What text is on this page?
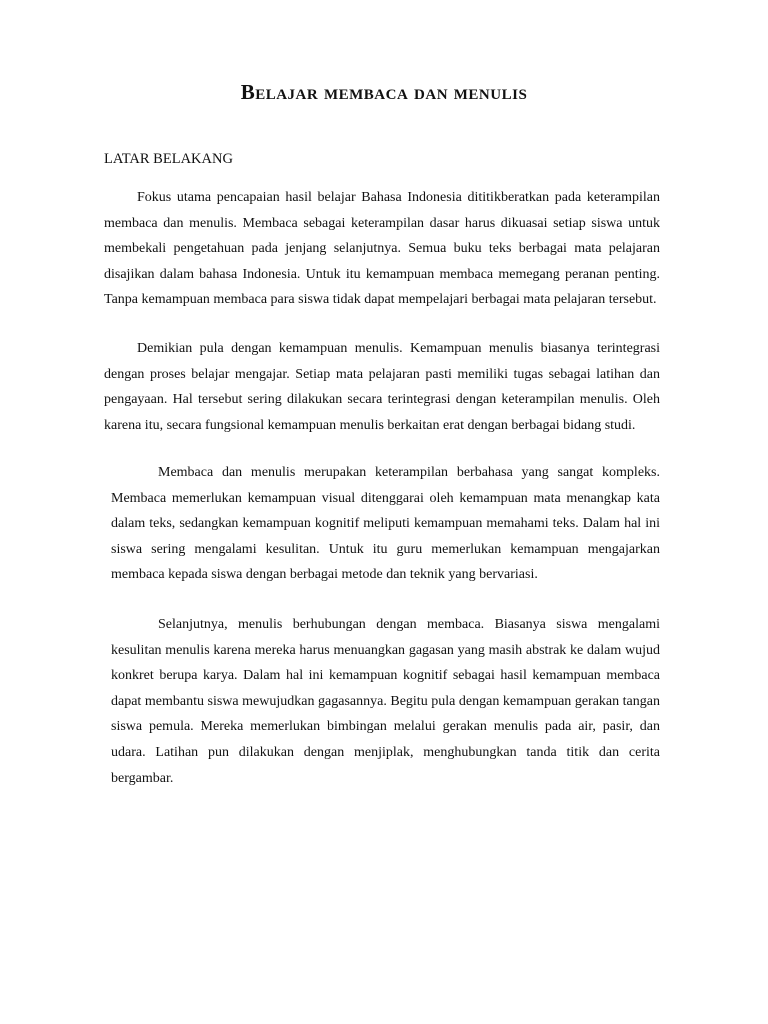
Belajar membaca dan menulis
LATAR BELAKANG

Fokus utama pencapaian hasil belajar Bahasa Indonesia dititikberatkan pada keterampilan membaca dan menulis. Membaca sebagai keterampilan dasar harus dikuasai setiap siswa untuk membekali pengetahuan pada jenjang selanjutnya. Semua buku teks berbagai mata pelajaran disajikan dalam bahasa Indonesia. Untuk itu kemampuan membaca memegang peranan penting. Tanpa kemampuan membaca para siswa tidak dapat mempelajari berbagai mata pelajaran tersebut.

Demikian pula dengan kemampuan menulis. Kemampuan menulis biasanya terintegrasi dengan proses belajar mengajar. Setiap mata pelajaran pasti memiliki tugas sebagai latihan dan pengayaan. Hal tersebut sering dilakukan secara terintegrasi dengan keterampilan menulis. Oleh karena itu, secara fungsional kemampuan menulis berkaitan erat dengan berbagai bidang studi.

Membaca dan menulis merupakan keterampilan berbahasa yang sangat kompleks. Membaca memerlukan kemampuan visual ditenggarai oleh kemampuan mata menangkap kata dalam teks, sedangkan kemampuan kognitif meliputi kemampuan memahami teks. Dalam hal ini siswa sering mengalami kesulitan. Untuk itu guru memerlukan kemampuan mengajarkan membaca kepada siswa dengan berbagai metode dan teknik yang bervariasi.

Selanjutnya, menulis berhubungan dengan membaca. Biasanya siswa mengalami kesulitan menulis karena mereka harus menuangkan gagasan yang masih abstrak ke dalam wujud konkret berupa karya. Dalam hal ini kemampuan kognitif sebagai hasil kemampuan membaca dapat membantu siswa mewujudkan gagasannya. Begitu pula dengan kemampuan gerakan tangan siswa pemula. Mereka memerlukan bimbingan melalui gerakan menulis pada air, pasir, dan udara. Latihan pun dilakukan dengan menjiplak, menghubungkan tanda titik dan cerita bergambar.
